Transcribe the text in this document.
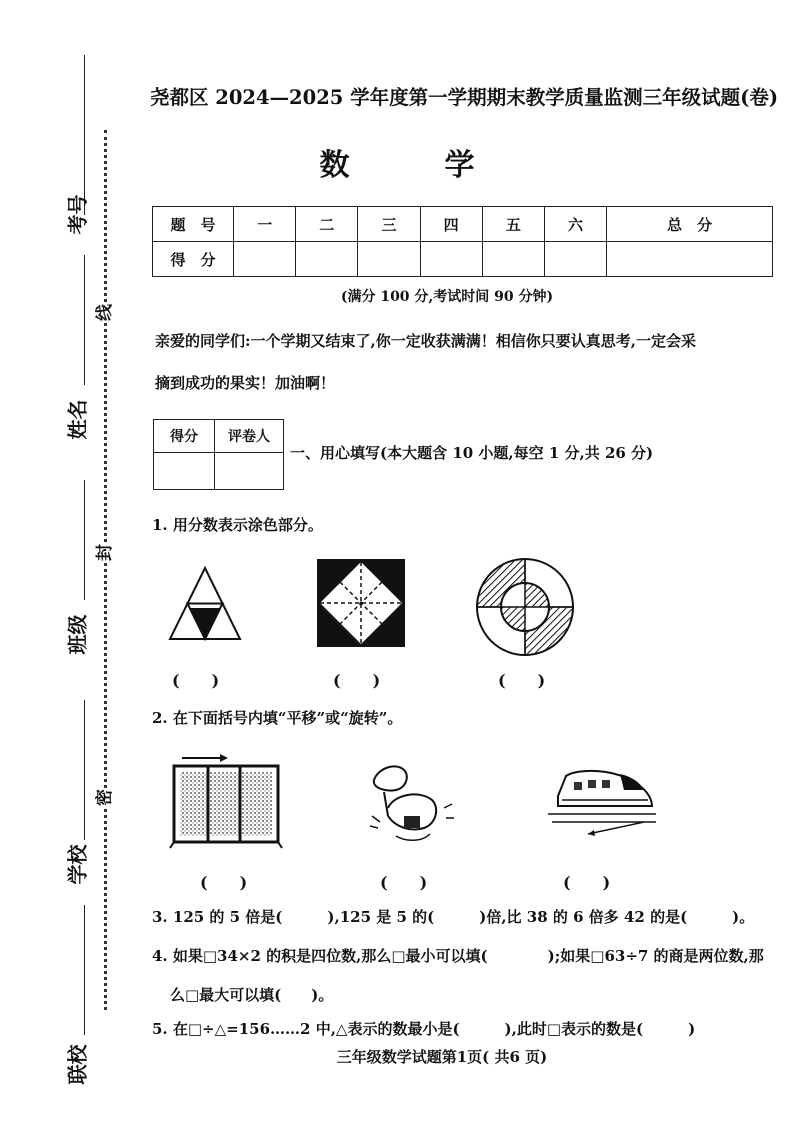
考号
姓名
班级
学校
联校
线
封
密
尧都区 2024—2025 学年度第一学期期末教学质量监测三年级试题(卷)
数学
题　号	一	二	三	四	五	六	总　分
得　分							
(满分 100 分,考试时间 90 分钟)
亲爱的同学们:一个学期又结束了,你一定收获满满！相信你只要认真思考,一定会采
摘到成功的果实！加油啊！
得分	评卷人

一、用心填写(本大题含 10 小题,每空 1 分,共 26 分)
1. 用分数表示涂色部分。
(　　)	(　　)	(　　)
2. 在下面括号内填“平移”或“旋转”。
(　　)	(　　)	(　　)
3. 125 的 5 倍是(　　　),125 是 5 的(　　　)倍,比 38 的 6 倍多 42 的是(　　　)。
4. 如果□34×2 的积是四位数,那么□最小可以填(　　　　);如果□63÷7 的商是两位数,那
么□最大可以填(　　)。
5. 在□÷△=156……2 中,△表示的数最小是(　　　),此时□表示的数是(　　　)
三年级数学试题第1页( 共6 页)
